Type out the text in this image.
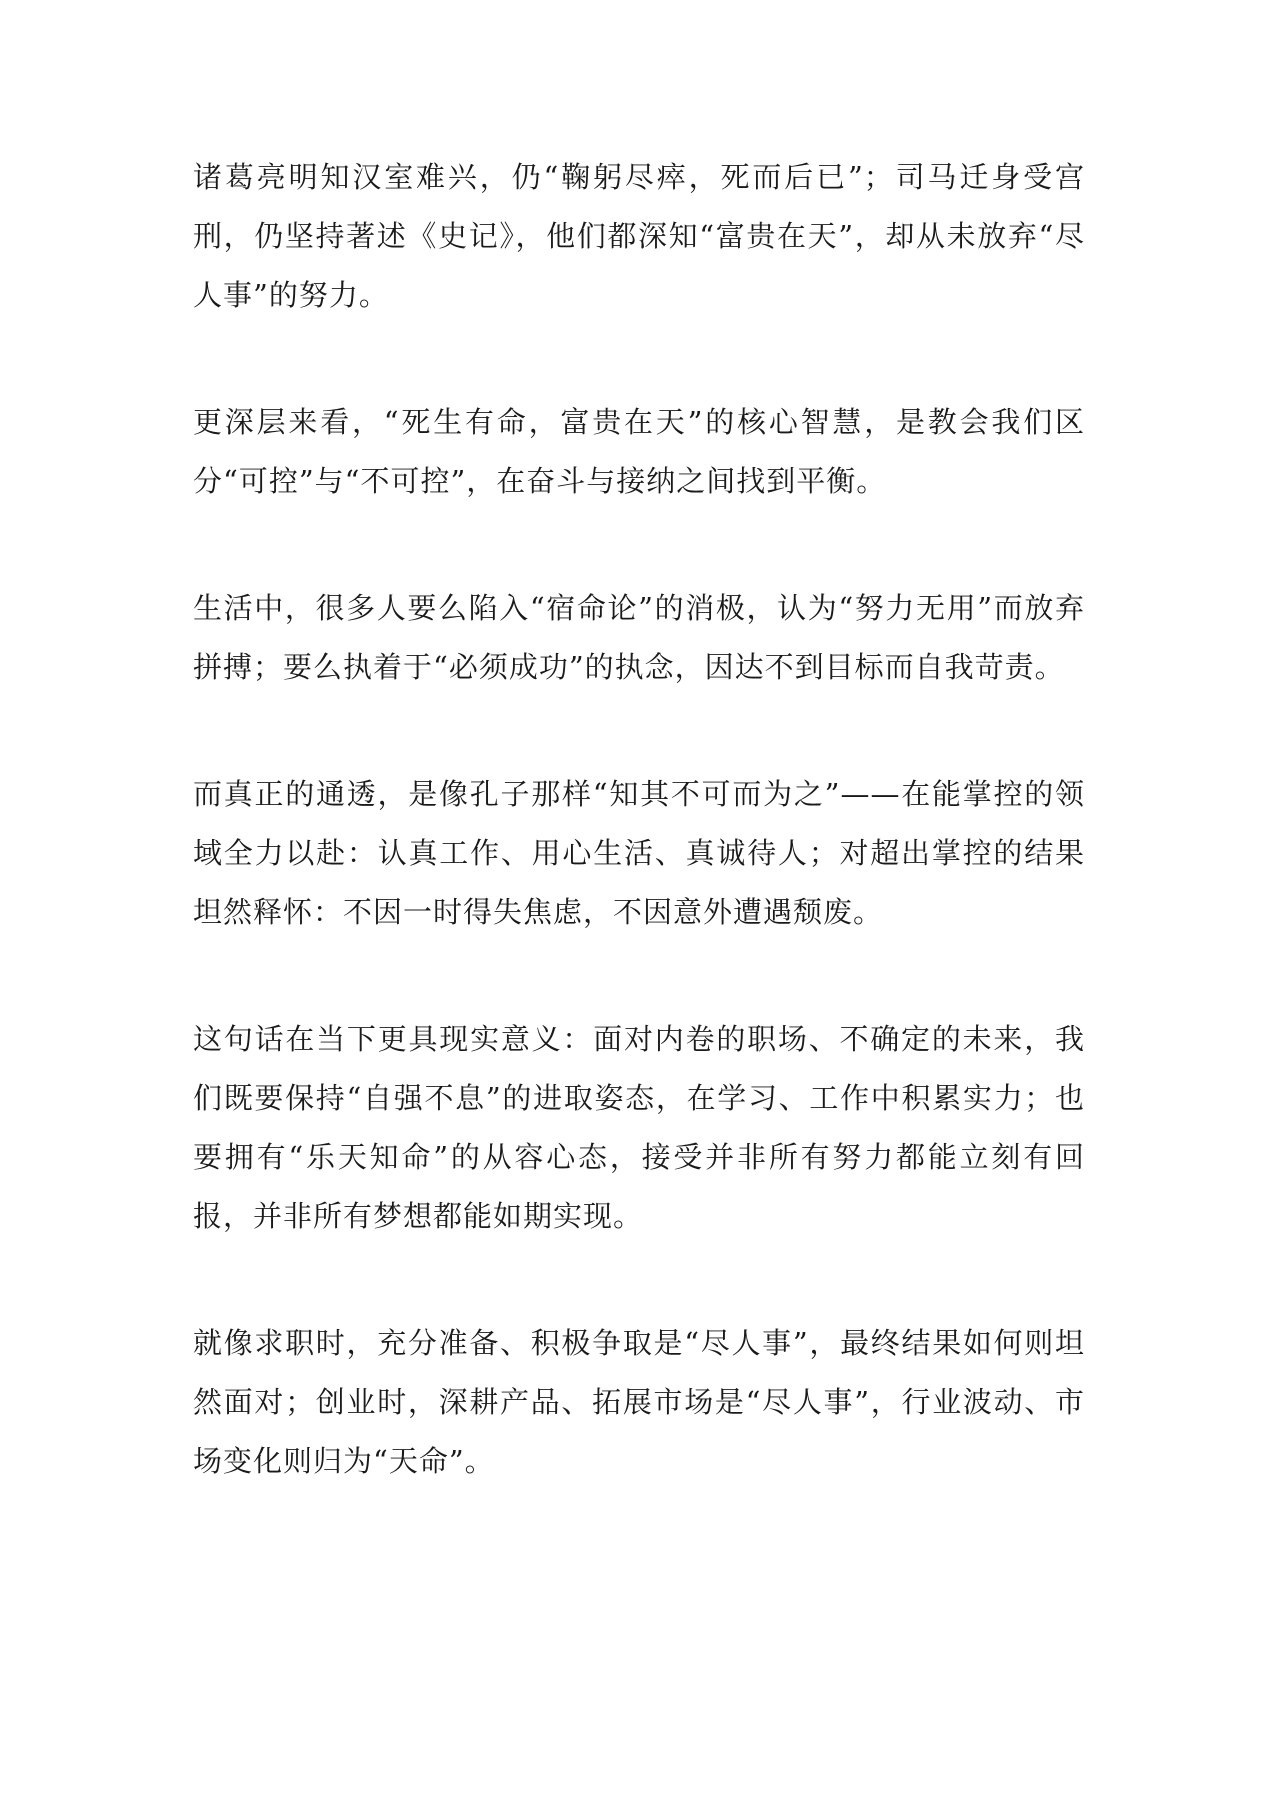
诸葛亮明知汉室难兴，仍“鞠躬尽瘁，死而后已”；司马迁身受宫刑，仍坚持著述《史记》，他们都深知“富贵在天”，却从未放弃“尽人事”的努力。

更深层来看，“死生有命，富贵在天”的核心智慧，是教会我们区分“可控”与“不可控”，在奋斗与接纳之间找到平衡。

生活中，很多人要么陷入“宿命论”的消极，认为“努力无用”而放弃拼搏；要么执着于“必须成功”的执念，因达不到目标而自我苛责。

而真正的通透，是像孔子那样“知其不可而为之”——在能掌控的领域全力以赴：认真工作、用心生活、真诚待人；对超出掌控的结果坦然释怀：不因一时得失焦虑，不因意外遭遇颓废。

这句话在当下更具现实意义：面对内卷的职场、不确定的未来，我们既要保持“自强不息”的进取姿态，在学习、工作中积累实力；也要拥有“乐天知命”的从容心态，接受并非所有努力都能立刻有回报，并非所有梦想都能如期实现。

就像求职时，充分准备、积极争取是“尽人事”，最终结果如何则坦然面对；创业时，深耕产品、拓展市场是“尽人事”，行业波动、市场变化则归为“天命”。
